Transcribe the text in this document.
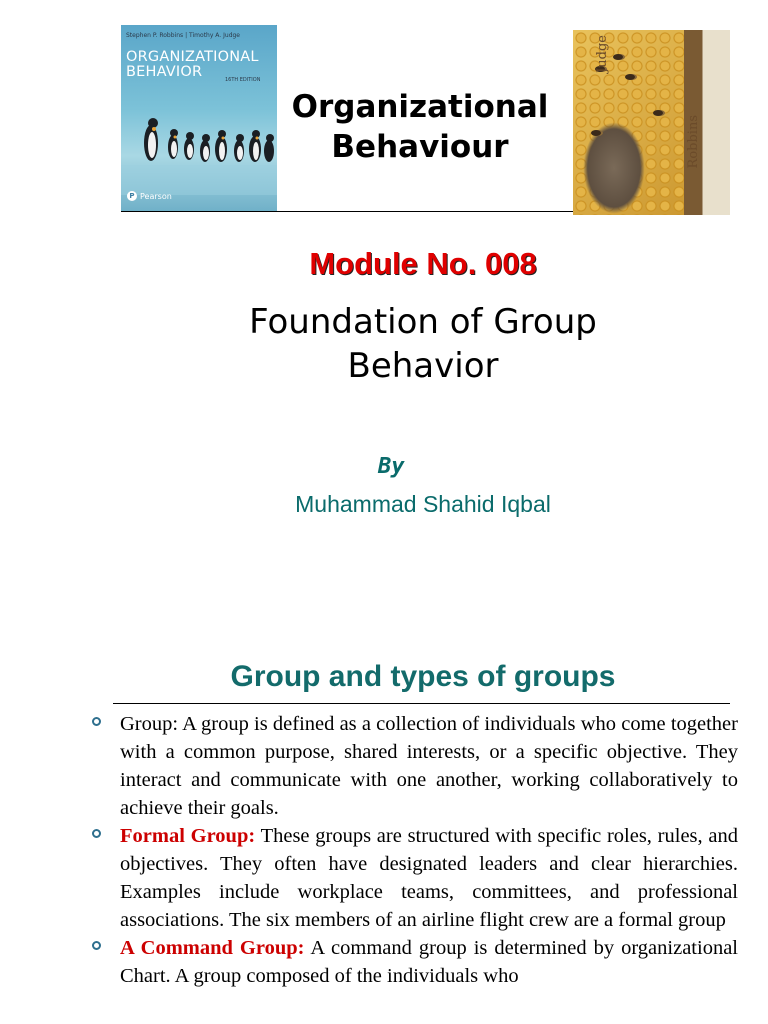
Stephen P. Robbins | Timothy A. Judge
ORGANIZATIONAL
BEHAVIOR	16TH EDITION
P Pearson
Judge
Robbins
Organizational
Behaviour
Module No. 008
Foundation of Group
Behavior
By
Muhammad Shahid Iqbal
Group and types of groups
Group: A group is defined as a collection of individuals who come together with a common purpose, shared interests, or a specific objective. They interact and communicate with one another, working collaboratively to achieve their goals.
Formal Group: These groups are structured with specific roles, rules, and objectives. They often have designated leaders and clear hierarchies. Examples include workplace teams, committees, and professional associations. The six members of an airline flight crew are a formal group
A Command Group: A command group is determined by organizational Chart. A group composed of the individuals who
